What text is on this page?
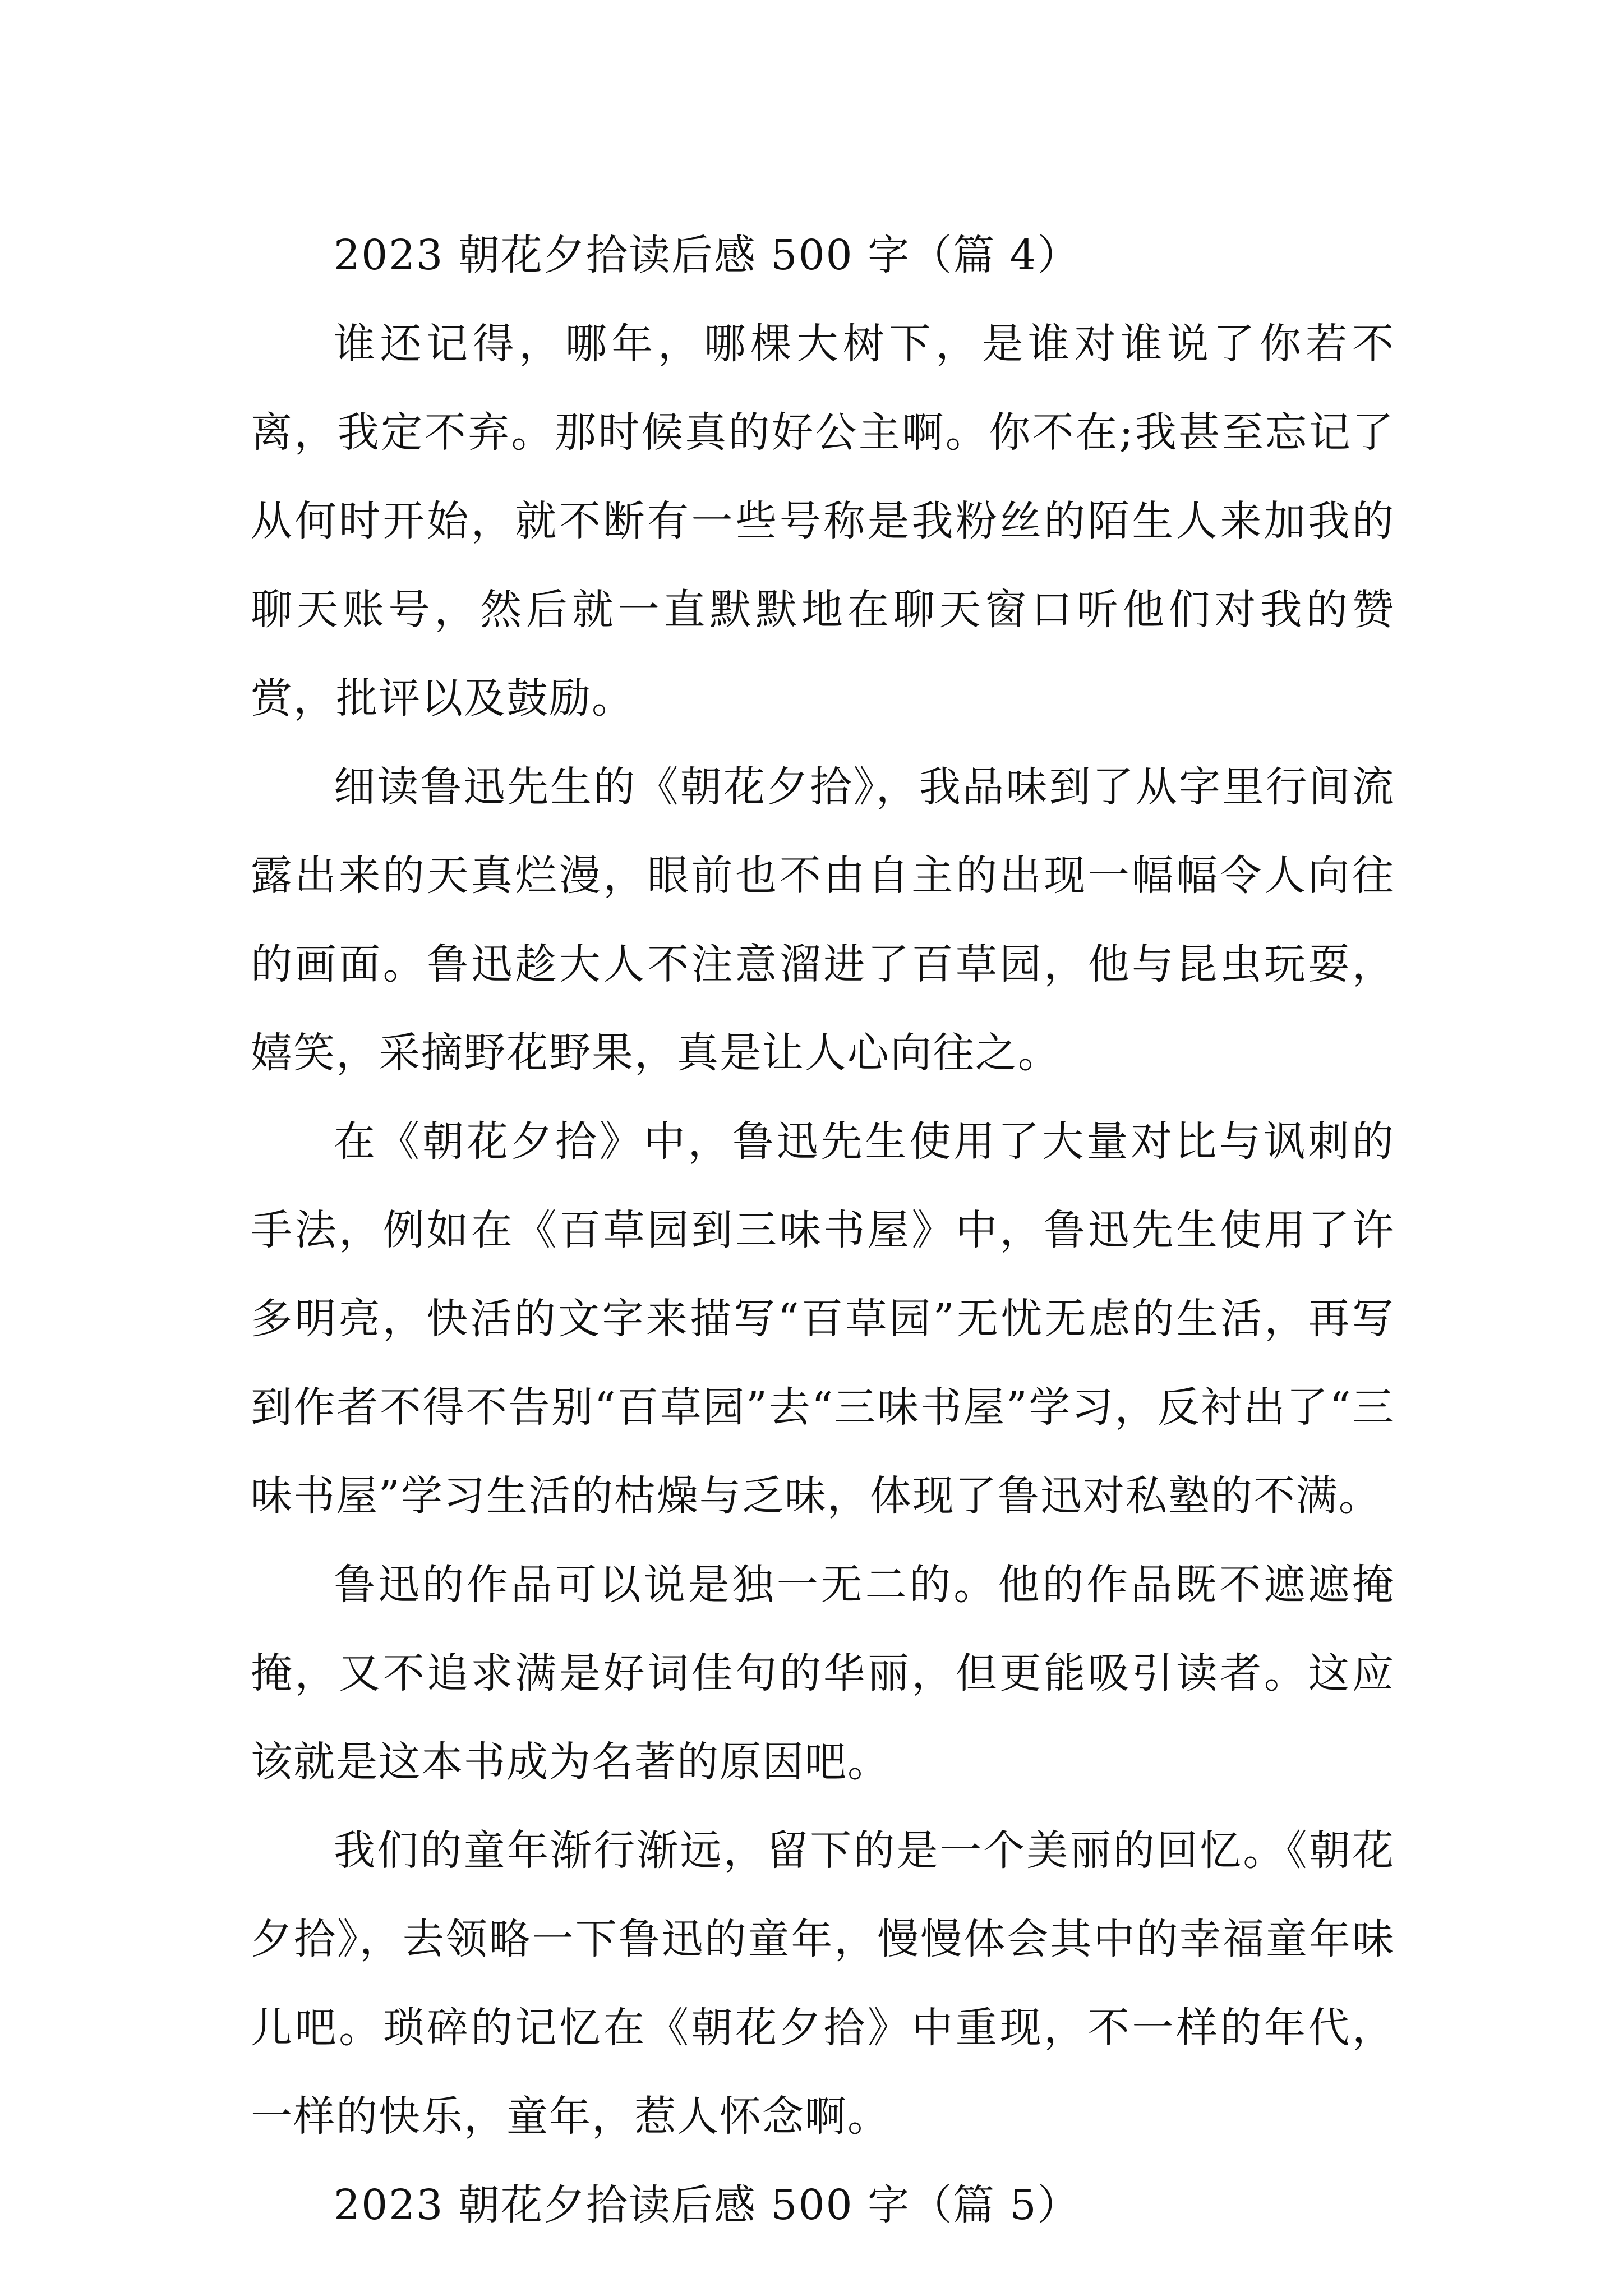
2023 朝花夕拾读后感 500 字（篇 4）

谁还记得，哪年，哪棵大树下，是谁对谁说了你若不离，我定不弃。那时候真的好公主啊。你不在;我甚至忘记了从何时开始，就不断有一些号称是我粉丝的陌生人来加我的聊天账号，然后就一直默默地在聊天窗口听他们对我的赞赏，批评以及鼓励。

细读鲁迅先生的《朝花夕拾》，我品味到了从字里行间流露出来的天真烂漫，眼前也不由自主的出现一幅幅令人向往的画面。鲁迅趁大人不注意溜进了百草园，他与昆虫玩耍，嬉笑，采摘野花野果，真是让人心向往之。

在《朝花夕拾》中，鲁迅先生使用了大量对比与讽刺的手法，例如在《百草园到三味书屋》中，鲁迅先生使用了许多明亮，快活的文字来描写“百草园”无忧无虑的生活，再写到作者不得不告别“百草园”去“三味书屋”学习，反衬出了“三味书屋”学习生活的枯燥与乏味，体现了鲁迅对私塾的不满。

鲁迅的作品可以说是独一无二的。他的作品既不遮遮掩掩，又不追求满是好词佳句的华丽，但更能吸引读者。这应该就是这本书成为名著的原因吧。

我们的童年渐行渐远，留下的是一个美丽的回忆。《朝花夕拾》，去领略一下鲁迅的童年，慢慢体会其中的幸福童年味儿吧。琐碎的记忆在《朝花夕拾》中重现，不一样的年代，一样的快乐，童年，惹人怀念啊。

2023 朝花夕拾读后感 500 字（篇 5）
